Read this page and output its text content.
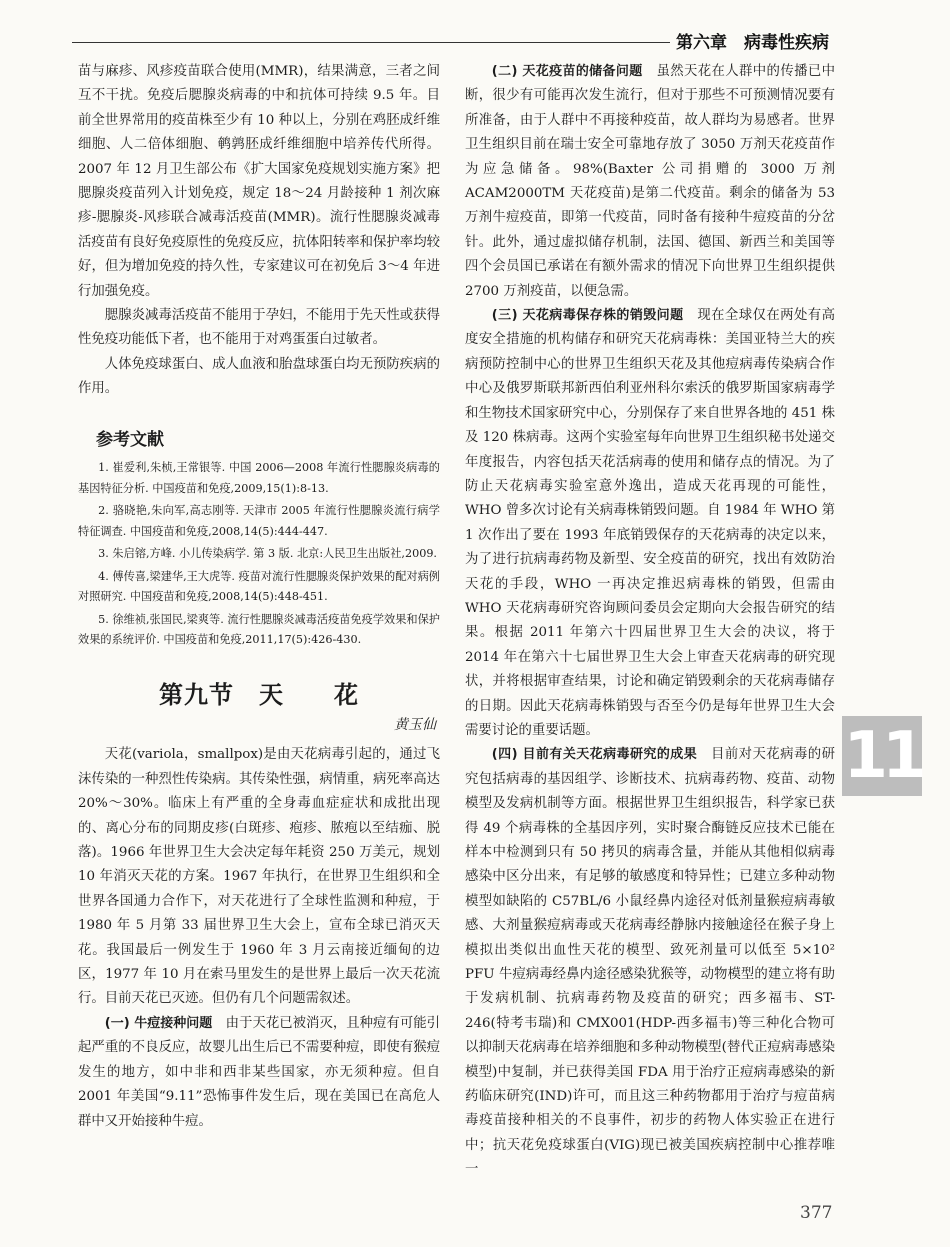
第六章　病毒性疾病

苗与麻疹、风疹疫苗联合使用(MMR)，结果满意，三者之间互不干扰。免疫后腮腺炎病毒的中和抗体可持续 9.5 年。目前全世界常用的疫苗株至少有 10 种以上，分别在鸡胚成纤维细胞、人二倍体细胞、鹌鹑胚成纤维细胞中培养传代所得。2007 年 12 月卫生部公布《扩大国家免疫规划实施方案》把腮腺炎疫苗列入计划免疫，规定 18～24 月龄接种 1 剂次麻疹-腮腺炎-风疹联合减毒活疫苗(MMR)。流行性腮腺炎减毒活疫苗有良好免疫原性的免疫反应，抗体阳转率和保护率均较好，但为增加免疫的持久性，专家建议可在初免后 3～4 年进行加强免疫。

腮腺炎减毒活疫苗不能用于孕妇，不能用于先天性或获得性免疫功能低下者，也不能用于对鸡蛋蛋白过敏者。

人体免疫球蛋白、成人血液和胎盘球蛋白均无预防疾病的作用。

参考文献

1. 崔爱利,朱桢,王常银等. 中国 2006—2008 年流行性腮腺炎病毒的基因特征分析. 中国疫苗和免疫,2009,15(1):8-13.

2. 骆晓艳,朱向军,高志刚等. 天津市 2005 年流行性腮腺炎流行病学特征调查. 中国疫苗和免疫,2008,14(5):444-447.

3. 朱启镕,方峰. 小儿传染病学. 第 3 版. 北京:人民卫生出版社,2009.

4. 傅传喜,梁建华,王大虎等. 疫苗对流行性腮腺炎保护效果的配对病例对照研究. 中国疫苗和免疫,2008,14(5):448-451.

5. 徐维祯,张国民,梁爽等. 流行性腮腺炎减毒活疫苗免疫学效果和保护效果的系统评价. 中国疫苗和免疫,2011,17(5):426-430.

第九节　天　　花
黄玉仙

天花(variola，smallpox)是由天花病毒引起的，通过飞沫传染的一种烈性传染病。其传染性强，病情重，病死率高达 20%～30%。临床上有严重的全身毒血症症状和成批出现的、离心分布的同期皮疹(白斑疹、疱疹、脓疱以至结痂、脱落)。1966 年世界卫生大会决定每年耗资 250 万美元，规划 10 年消灭天花的方案。1967 年执行，在世界卫生组织和全世界各国通力合作下，对天花进行了全球性监测和种痘，于 1980 年 5 月第 33 届世界卫生大会上，宣布全球已消灭天花。我国最后一例发生于 1960 年 3 月云南接近缅甸的边区，1977 年 10 月在索马里发生的是世界上最后一次天花流行。目前天花已灭迹。但仍有几个问题需叙述。

(一) 牛痘接种问题　 由于天花已被消灭，且种痘有可能引起严重的不良反应，故婴儿出生后已不需要种痘，即使有猴痘发生的地方，如中非和西非某些国家，亦无须种痘。但自 2001 年美国“9.11”恐怖事件发生后，现在美国已在高危人群中又开始接种牛痘。

(二) 天花疫苗的储备问题　 虽然天花在人群中的传播已中断，很少有可能再次发生流行，但对于那些不可预测情况要有所准备，由于人群中不再接种疫苗，故人群均为易感者。世界卫生组织目前在瑞士安全可靠地存放了 3050 万剂天花疫苗作为应急储备。98%(Baxter 公司捐赠的 3000 万剂 ACAM2000TM 天花疫苗)是第二代疫苗。剩余的储备为 53 万剂牛痘疫苗，即第一代疫苗，同时备有接种牛痘疫苗的分岔针。此外，通过虚拟储存机制，法国、德国、新西兰和美国等四个会员国已承诺在有额外需求的情况下向世界卫生组织提供 2700 万剂疫苗，以便急需。

(三) 天花病毒保存株的销毁问题　 现在全球仅在两处有高度安全措施的机构储存和研究天花病毒株：美国亚特兰大的疾病预防控制中心的世界卫生组织天花及其他痘病毒传染病合作中心及俄罗斯联邦新西伯利亚州科尔索沃的俄罗斯国家病毒学和生物技术国家研究中心，分别保存了来自世界各地的 451 株及 120 株病毒。这两个实验室每年向世界卫生组织秘书处递交年度报告，内容包括天花活病毒的使用和储存点的情况。为了防止天花病毒实验室意外逸出，造成天花再现的可能性，WHO 曾多次讨论有关病毒株销毁问题。自 1984 年 WHO 第 1 次作出了要在 1993 年底销毁保存的天花病毒的决定以来，为了进行抗病毒药物及新型、安全疫苗的研究，找出有效防治天花的手段，WHO 一再决定推迟病毒株的销毁，但需由 WHO 天花病毒研究咨询顾问委员会定期向大会报告研究的结果。根据 2011 年第六十四届世界卫生大会的决议，将于 2014 年在第六十七届世界卫生大会上审查天花病毒的研究现状，并将根据审查结果，讨论和确定销毁剩余的天花病毒储存的日期。因此天花病毒株销毁与否至今仍是每年世界卫生大会需要讨论的重要话题。

(四) 目前有关天花病毒研究的成果　 目前对天花病毒的研究包括病毒的基因组学、诊断技术、抗病毒药物、疫苗、动物模型及发病机制等方面。根据世界卫生组织报告，科学家已获得 49 个病毒株的全基因序列，实时聚合酶链反应技术已能在样本中检测到只有 50 拷贝的病毒含量，并能从其他相似病毒感染中区分出来，有足够的敏感度和特异性；已建立多种动物模型如缺陷的 C57BL/6 小鼠经鼻内途径对低剂量猴痘病毒敏感、大剂量猴痘病毒或天花病毒经静脉内接触途径在猴子身上模拟出类似出血性天花的模型、致死剂量可以低至 5×10² PFU 牛痘病毒经鼻内途径感染犹猴等，动物模型的建立将有助于发病机制、抗病毒药物及疫苗的研究；西多福韦、ST-246(特考韦瑞)和 CMX001(HDP-西多福韦)等三种化合物可以抑制天花病毒在培养细胞和多种动物模型(替代正痘病毒感染模型)中复制，并已获得美国 FDA 用于治疗正痘病毒感染的新药临床研究(IND)许可，而且这三种药物都用于治疗与痘苗病毒疫苗接种相关的不良事件，初步的药物人体实验正在进行中；抗天花免疫球蛋白(VIG)现已被美国疾病控制中心推荐唯一

11
377
